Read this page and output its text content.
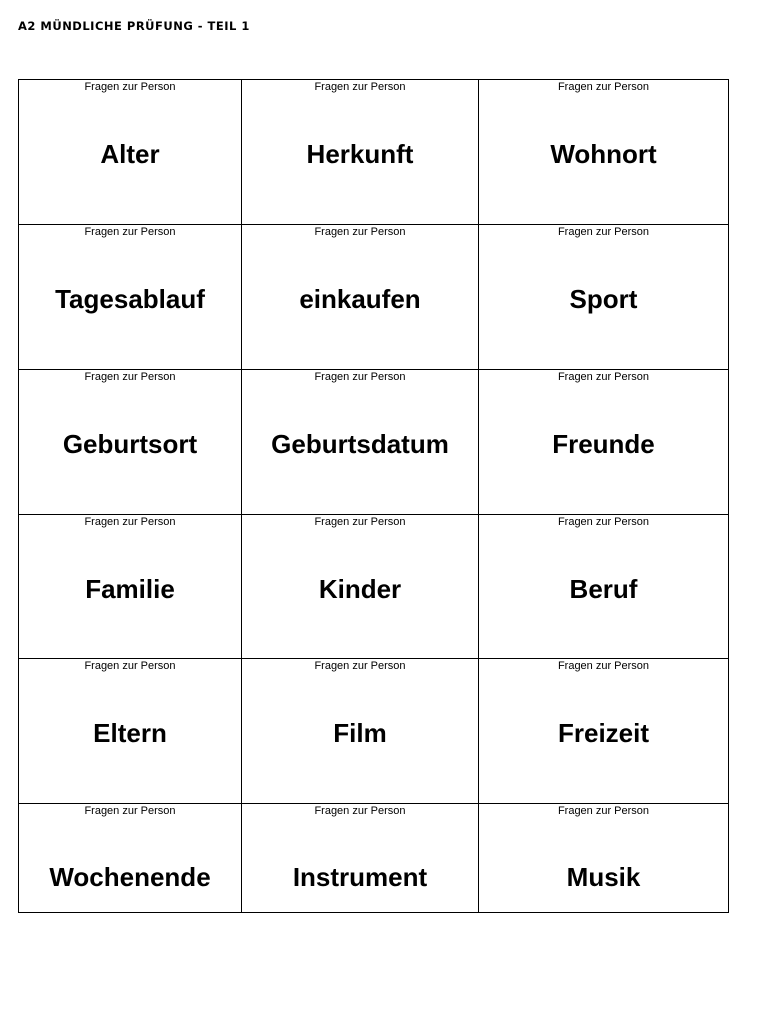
A2 MÜNDLICHE PRÜFUNG - TEIL 1
Fragen zur Person
Alter
Fragen zur Person
Herkunft
Fragen zur Person
Wohnort
Fragen zur Person
Tagesablauf
Fragen zur Person
einkaufen
Fragen zur Person
Sport
Fragen zur Person
Geburtsort
Fragen zur Person
Geburtsdatum
Fragen zur Person
Freunde
Fragen zur Person
Familie
Fragen zur Person
Kinder
Fragen zur Person
Beruf
Fragen zur Person
Eltern
Fragen zur Person
Film
Fragen zur Person
Freizeit
Fragen zur Person
Wochenende
Fragen zur Person
Instrument
Fragen zur Person
Musik
